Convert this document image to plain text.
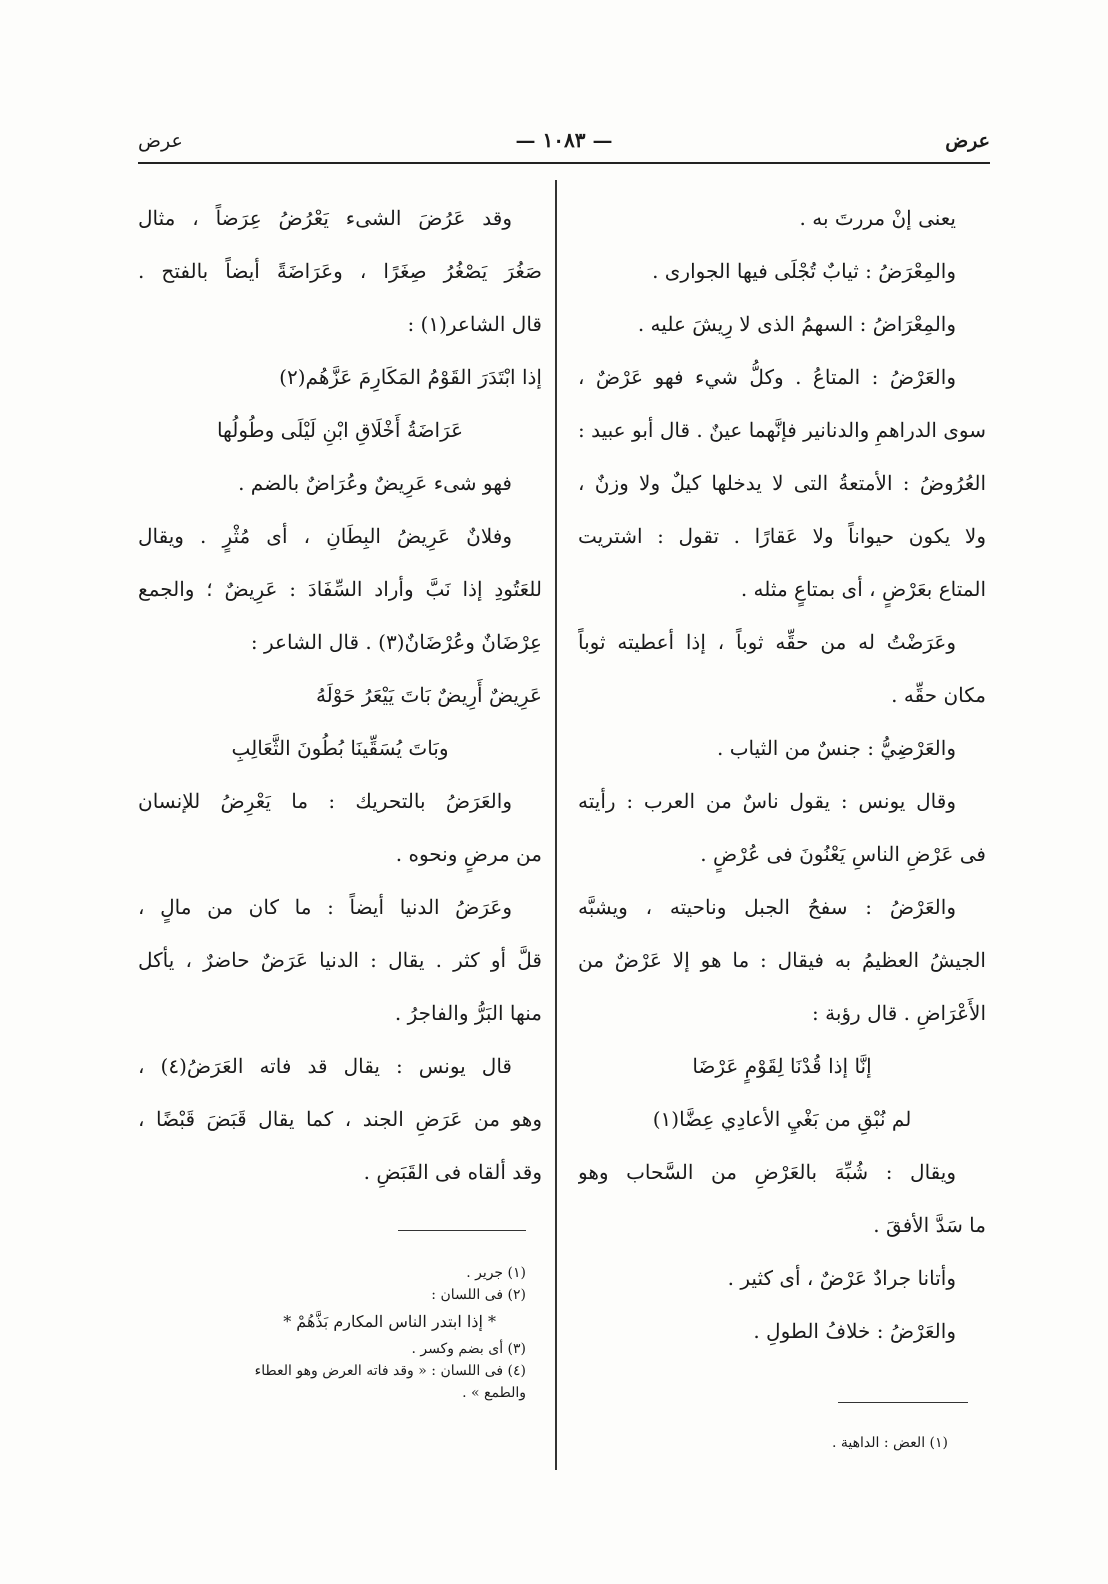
عرض
— ١٠٨٣ —
عرض
يعنى إنْ مررتَ به .
والمِعْرَضُ : ثيابٌ تُجْلَى فيها الجوارى .
والمِعْرَاضُ : السهمُ الذى لا رِيشَ عليه .
والعَرْضُ : المتاعُ . وكلُّ شيء فهو عَرْضٌ ،
سوى الدراهمِ والدنانير فإنَّهما عينٌ . قال أبو عبيد :
العُرُوضُ : الأمتعةُ التى لا يدخلها كيلٌ ولا وزنٌ ،
ولا يكون حيواناً ولا عَقارًا . تقول : اشتريت
المتاع بعَرْضٍ ، أى بمتاعٍ مثله .
وعَرَضْتُ له من حقِّه ثوباً ، إذا أعطيته ثوباً
مكان حقِّه .
والعَرْضِيُّ : جنسٌ من الثياب .
وقال يونس : يقول ناسٌ من العرب : رأيته
فى عَرْضِ الناسِ يَعْنُونَ فى عُرْضٍ .
والعَرْضُ : سفحُ الجبل وناحيته ، ويشبَّه
الجيشُ العظيمُ به فيقال : ما هو إلا عَرْضٌ من
الأَعْرَاضِ . قال رؤبة :
إنَّا إذا قُدْنَا لِقَوْمٍ عَرْضَا
لم نُبْقِ من بَغْيِ الأعادِي عِضَّا(١)
ويقال : شُبِّهَ بالعَرْضِ من السَّحاب وهو
ما سَدَّ الأفقَ .
وأتانا جرادٌ عَرْضٌ ، أى كثير .
والعَرْضُ : خلافُ الطولِ .
وقد عَرُضَ الشىء يَعْرُضُ عِرَضاً ، مثال
صَغُرَ يَصْغُرُ صِغَرًا ، وعَرَاضَةً أيضاً بالفتح .
قال الشاعر(١) :
إذا ابْتَدَرَ القَوْمُ المَكَارِمَ عَزَّهُم(٢)
عَرَاضَةُ أَخْلَاقِ ابْنِ لَيْلَى وطُولُها
فهو شىء عَرِيضٌ وعُرَاضٌ بالضم .
وفلانٌ عَرِيضُ البِطَانِ ، أى مُثْرٍ . ويقال
للعَتُودِ إذا نَبَّ وأراد السِّفَادَ : عَرِيضٌ ؛ والجمع
عِرْضَانٌ وعُرْضَانٌ(٣) . قال الشاعر :
عَرِيضٌ أَرِيضٌ بَاتَ يَيْعَرُ حَوْلَهُ
وبَاتَ يُسَقِّينَا بُطُونَ الثَّعَالِبِ
والعَرَضُ بالتحريك : ما يَعْرِضُ للإنسان
من مرضٍ ونحوه .
وعَرَضُ الدنيا أيضاً : ما كان من مالٍ ،
قلَّ أو كثر . يقال : الدنيا عَرَضٌ حاضرٌ ، يأكل
منها البَرُّ والفاجرُ .
قال يونس : يقال قد فاته العَرَضُ(٤) ،
وهو من عَرَضِ الجند ، كما يقال قَبَضَ قَبْضًا ،
وقد ألقاه فى القَبَضِ .
(١) جرير .
(٢) فى اللسان :
* إذا ابتدر الناس المكارم بَذَّهُمْ *
(٣) أى بضم وكسر .
(٤) فى اللسان : « وقد فاته العرض وهو العطاء
والطمع » .
(١) العض : الداهية .
